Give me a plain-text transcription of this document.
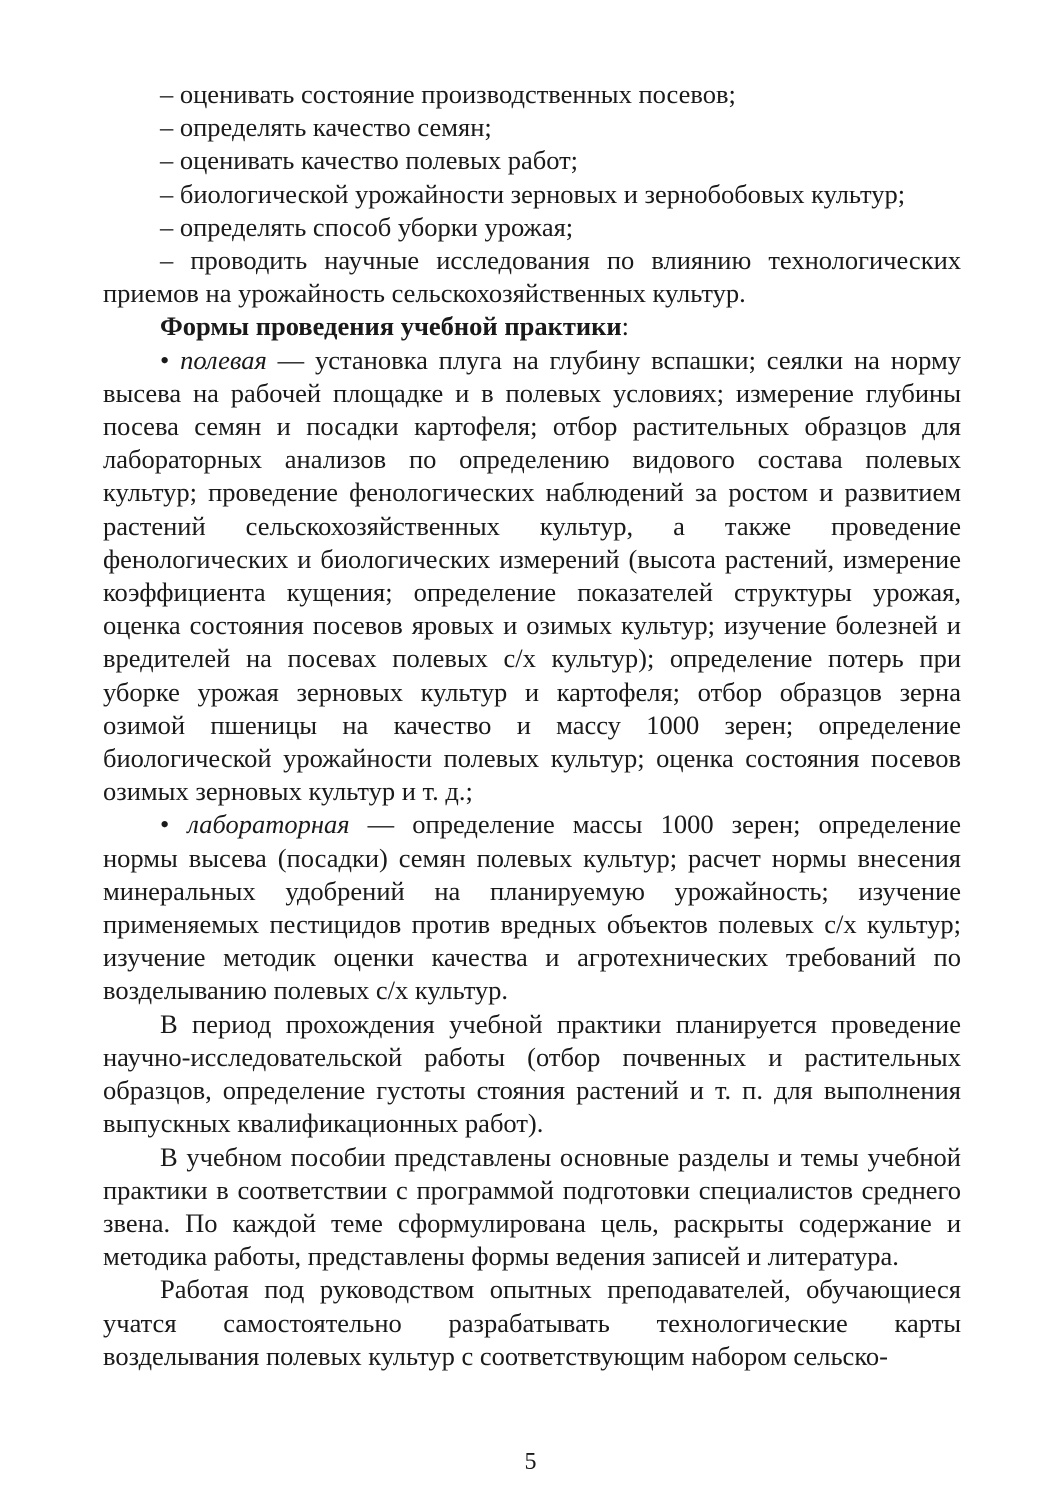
– оценивать состояние производственных посевов;

– определять качество семян;

– оценивать качество полевых работ;

– биологической урожайности зерновых и зернобобовых культур;

– определять способ уборки урожая;

– проводить научные исследования по влиянию технологических приемов на урожайность сельскохозяйственных культур.

Формы проведения учебной практики:

• полевая — установка плуга на глубину вспашки; сеялки на норму высева на рабочей площадке и в полевых условиях; измерение глубины посева семян и посадки картофеля; отбор растительных образцов для лабораторных анализов по определению видового состава полевых культур; проведение фенологических наблюдений за ростом и развитием растений сельскохозяйственных культур, а также проведение фенологических и биологических измерений (высота растений, измерение коэффициента кущения; определение показателей структуры урожая, оценка состояния посевов яровых и озимых культур; изучение болезней и вредителей на посевах полевых с/х культур); определение потерь при уборке урожая зерновых культур и картофеля; отбор образцов зерна озимой пшеницы на качество и массу 1000 зерен; определение биологической урожайности полевых культур; оценка состояния посевов озимых зерновых культур и т. д.;

• лабораторная — определение массы 1000 зерен; определение нормы высева (посадки) семян полевых культур; расчет нормы внесения минеральных удобрений на планируемую урожайность; изучение применяемых пестицидов против вредных объектов полевых с/х культур; изучение методик оценки качества и агротехнических требований по возделыванию полевых с/х культур.

В период прохождения учебной практики планируется проведение научно-исследовательской работы (отбор почвенных и растительных образцов, определение густоты стояния растений и т. п. для выполнения выпускных квалификационных работ).

В учебном пособии представлены основные разделы и темы учебной практики в соответствии с программой подготовки специалистов среднего звена. По каждой теме сформулирована цель, раскрыты содержание и методика работы, представлены формы ведения записей и литература.

Работая под руководством опытных преподавателей, обучающиеся учатся самостоятельно разрабатывать технологические карты возделывания полевых культур с соответствующим набором сельско-

5
